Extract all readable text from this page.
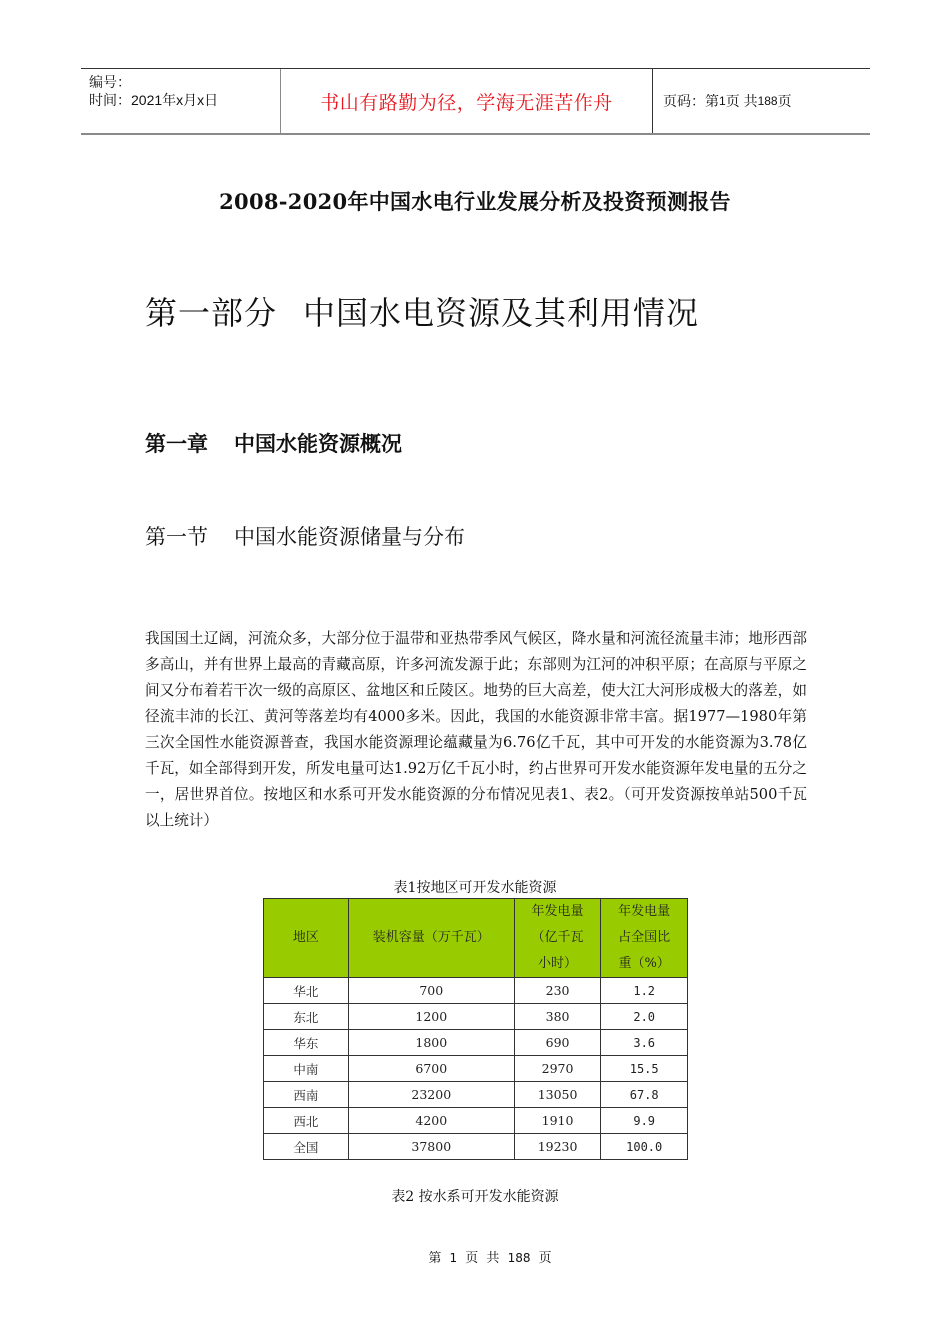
编号：
时间：2021年x月x日	书山有路勤为径，学海无涯苦作舟	页码：第 1 页 共 188 页
2008-2020年中国水电行业发展分析及投资预测报告
第一部分 中国水电资源及其利用情况
第一章 中国水能资源概况
第一节 中国水能资源储量与分布
我国国土辽阔，河流众多，大部分位于温带和亚热带季风气候区，降水量和河流径流量丰沛；地形西部多高山，并有世界上最高的青藏高原，许多河流发源于此；东部则为江河的冲积平原；在高原与平原之间又分布着若干次一级的高原区、盆地区和丘陵区。地势的巨大高差，使大江大河形成极大的落差，如径流丰沛的长江、黄河等落差均有4000多米。因此，我国的水能资源非常丰富。据1977—1980年第三次全国性水能资源普查，我国水能资源理论蕴藏量为6.76亿千瓦，其中可开发的水能资源为3.78亿千瓦，如全部得到开发，所发电量可达1.92万亿千瓦小时，约占世界可开发水能资源年发电量的五分之一，居世界首位。按地区和水系可开发水能资源的分布情况见表1、表2。（可开发资源按单站500千瓦以上统计）
表1按地区可开发水能资源
地区	装机容量（万千瓦）	年发电量（亿千瓦小时）	年发电量占全国比重（%）

华北	700	230	1.2
东北	1200	380	2.0
华东	1800	690	3.6
中南	6700	2970	15.5
西南	23200	13050	67.8
西北	4200	1910	9.9
全国	37800	19230	100.0
表2 按水系可开发水能资源
第 1 页 共 188 页
